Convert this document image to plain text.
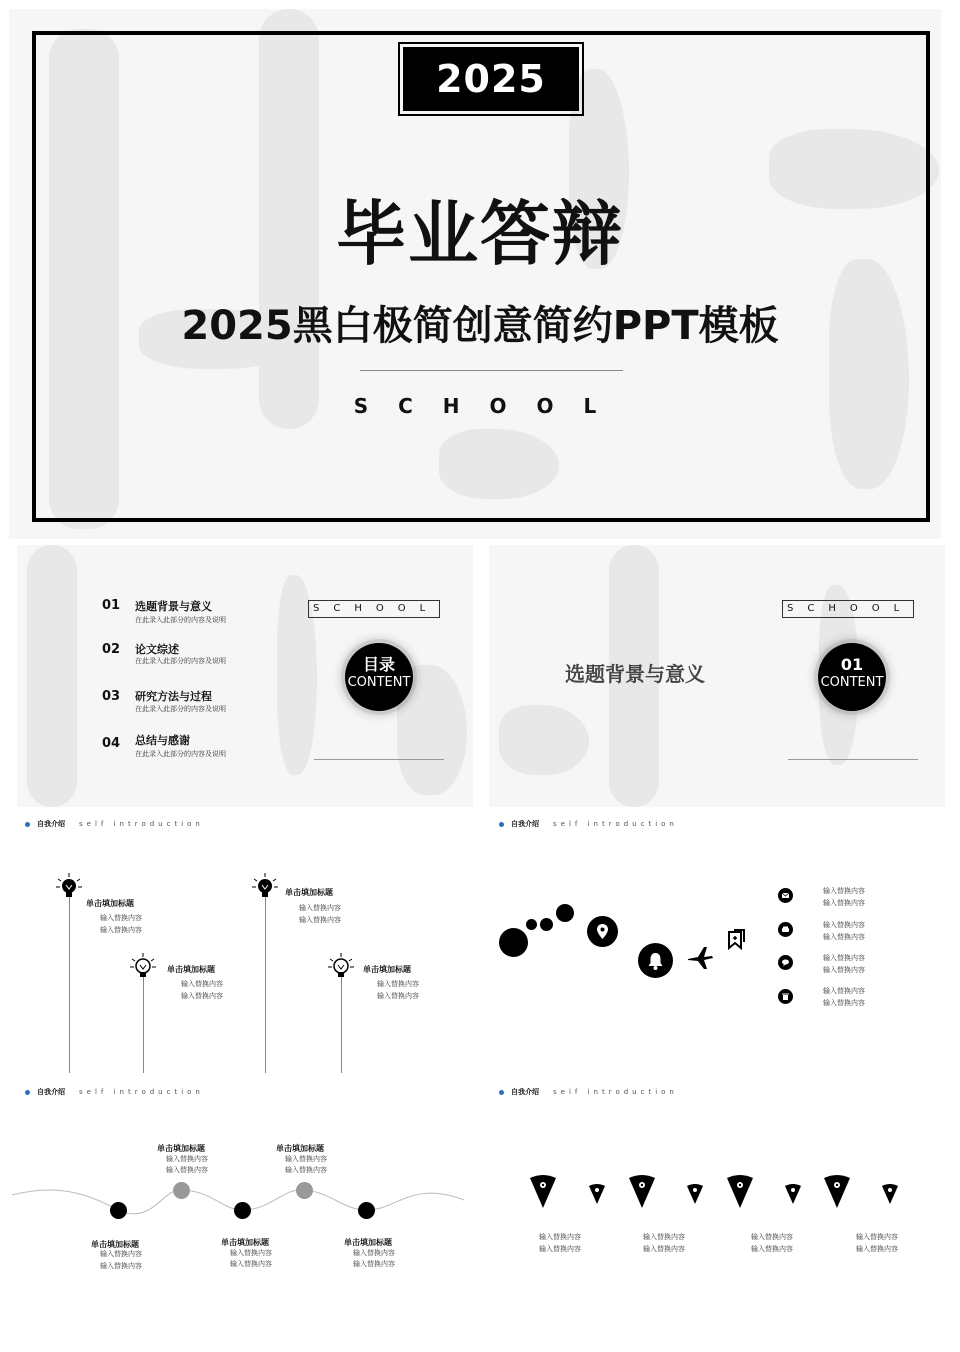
2025
毕业答辩
2025黑白极简创意简约PPT模板
SCHOOL
01 选题背景与意义
在此录入此部分的内容及说明
02 论文综述
在此录入此部分的内容及说明
03 研究方法与过程
在此录入此部分的内容及说明
04 总结与感谢
在此录入此部分的内容及说明
SCHOOL
目录
CONTENT	选题背景与意义
SCHOOL
01
CONTENT
自我介绍 self introduction
单击填加标题
输入替换内容
输入替换内容
单击填加标题
输入替换内容
输入替换内容
单击填加标题
输入替换内容
输入替换内容
单击填加标题
输入替换内容
输入替换内容
自我介绍 self introduction
输入替换内容
输入替换内容
输入替换内容
输入替换内容
输入替换内容
输入替换内容
输入替换内容
输入替换内容
自我介绍 self introduction
单击填加标题
输入替换内容
输入替换内容
单击填加标题
输入替换内容
输入替换内容
单击填加标题
输入替换内容
输入替换内容
单击填加标题
输入替换内容
输入替换内容
单击填加标题
输入替换内容
输入替换内容
自我介绍 self introduction
输入替换内容
输入替换内容
输入替换内容
输入替换内容
输入替换内容
输入替换内容
输入替换内容
输入替换内容
